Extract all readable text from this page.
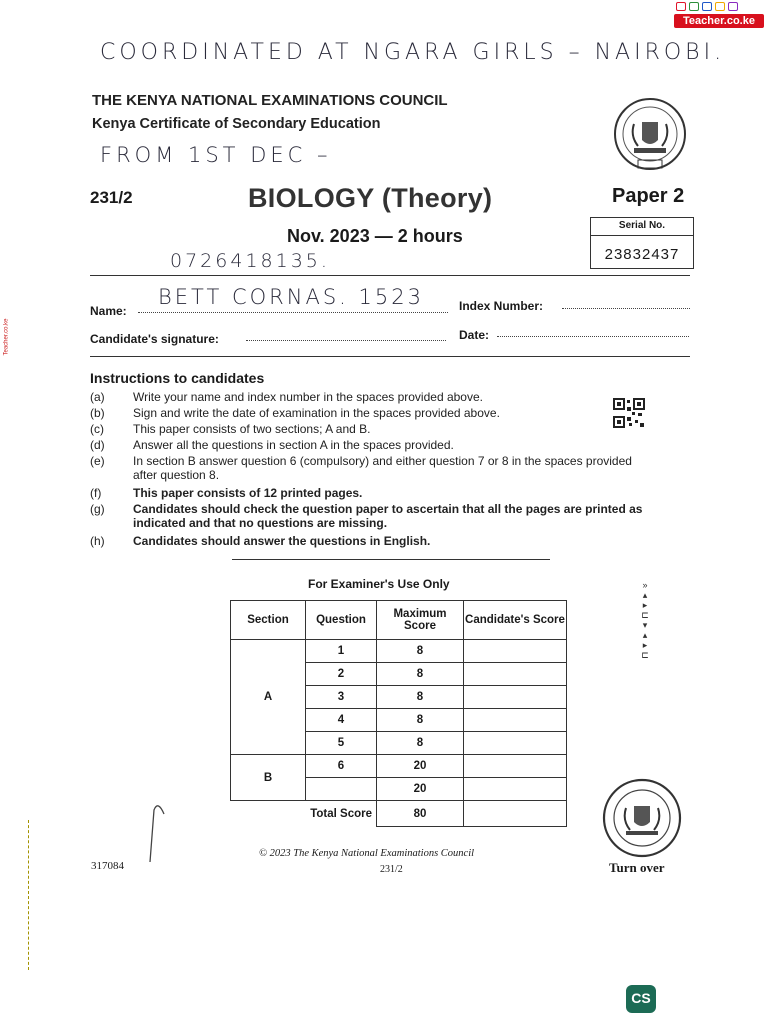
Teacher.co.ke
Teacher.co.ke
COORDINATED AT NGARA GIRLS – NAIROBI.
FROM 1ST DEC –
0726418135.
THE KENYA NATIONAL EXAMINATIONS COUNCIL
Kenya Certificate of Secondary Education
231/2	BIOLOGY (Theory)	Paper 2
Nov. 2023 — 2 hours
Serial No.
23832437
Name:
BETT CORNAS. 1523	Index Number:
Candidate's signature:	Date:
Instructions to candidates
(a)	Write your name and index number in the spaces provided above.
(b)	Sign and write the date of examination in the spaces provided above.
(c)	This paper consists of two sections; A and B.
(d)	Answer all the questions in section A in the spaces provided.
(e)	In section B answer question 6 (compulsory) and either question 7 or 8 in the spaces provided after question 8.
(f)	This paper consists of 12 printed pages.
(g)	Candidates should check the question paper to ascertain that all the pages are printed as indicated and that no questions are missing.
(h)	Candidates should answer the questions in English.
For Examiner's Use Only
Section	Question	Maximum Score	Candidate's Score
A	1	8	
	2	8	
	3	8	
	4	8	
	5	8	
B	6	20	
		20	
Total Score		80	
»
▴
▸
⊏
▾
▴
▸
⊏
317084
© 2023 The Kenya National Examinations Council
231/2	Turn over
CS
